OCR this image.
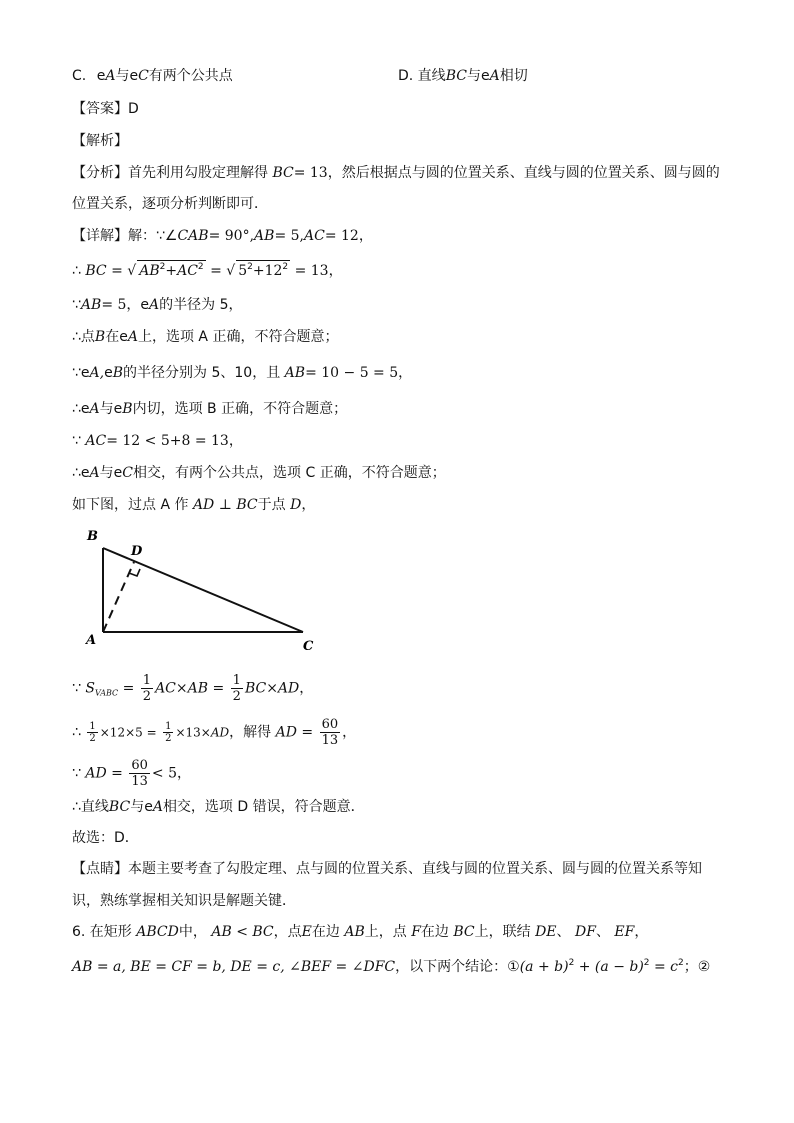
C. eA与eC有两个公共点	D. 直线BC与eA相切
【答案】D
【解析】
【分析】首先利用勾股定理解得 BC= 13，然后根据点与圆的位置关系、直线与圆的位置关系、圆与圆的
位置关系，逐项分析判断即可．
【详解】解：∵∠CAB= 90°,AB= 5,AC= 12，
∴ BC = √ $AB^2+AC^2$ = √ $5^2+12^2 = 13$，
∵AB= 5，eA的半径为 5，
∴点B在eA上，选项 A 正确，不符合题意；
∵eA,eB的半径分别为 5、10，且 AB= 10 − 5 = 5，
∴eA与eB内切，选项 B 正确，不符合题意；
∵ AC= 12 < 5+8 = 13，
∴eA与eC相交，有两个公共点，选项 C 正确，不符合题意；
如下图，过点 A 作 AD ⊥ BC于点 D，
B
D
A	C
∵ $S_{VABC} = \frac{1}{2} AC\times AB = \frac{1}{2} BC\times AD$，
∴ $\frac{1}{2} \times 12\times 5 = \frac{1}{2} \times 13\times AD$，解得 AD = $\frac{60}{13}$ ，
∵ AD = $\frac{60}{13} < 5$，
∴直线BC与eA相交，选项 D 错误，符合题意．
故选：D．
【点睛】本题主要考查了勾股定理、点与圆的位置关系、直线与圆的位置关系、圆与圆的位置关系等知
识，熟练掌握相关知识是解题关键．
6. 在矩形 ABCD中， AB < BC，点E在边 AB上，点 F在边 BC上，联结 DE、 DF、 EF，
AB = a, BE = CF = b, DE = c, ∠BEF = ∠DFC，以下两个结论：①(a + $b)^2 + (a - b)^2 = c^2$；②
